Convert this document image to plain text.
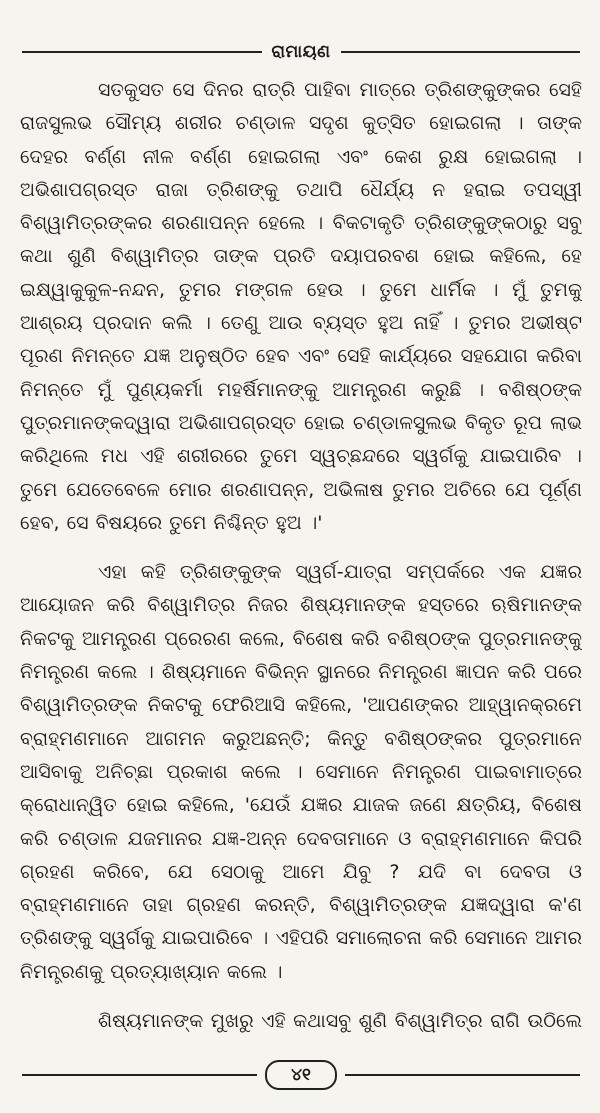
ରାମାୟଣ

ସତକୁସତ ସେ ଦିନର ରାତ୍ରି ପାହିବା ମାତ୍ରେ ତ୍ରିଶଙ୍କୁଙ୍କର ସେହି ରାଜସୁଲଭ ସୌମ୍ୟ ଶରୀର ଚଣ୍ଡାଳ ସଦୃଶ କୁତ୍ସିତ ହୋଇଗଲା । ତାଙ୍କ ଦେହର ବର୍ଣ୍ଣ ନୀଳ ବର୍ଣ୍ଣ ହୋଇଗଲା ଏବଂ କେଶ ରୁକ୍ଷ ହୋଇଗଲା । ଅଭିଶାପଗ୍ରସ୍ତ ରାଜା ତ୍ରିଶଙ୍କୁ ତଥାପି ଧୈର୍ଯ୍ୟ ନ ହରାଇ ତପସ୍ୱୀ ବିଶ୍ୱାମିତ୍ରଙ୍କର ଶରଣାପନ୍ନ ହେଲେ । ବିକଟାକୃତି ତ୍ରିଶଙ୍କୁଙ୍କଠାରୁ ସବୁ କଥା ଶୁଣି ବିଶ୍ୱାମିତ୍ର ତାଙ୍କ ପ୍ରତି ଦୟାପରବଶ ହୋଇ କହିଲେ, ହେ ଇକ୍ଷ୍ୱାକୁକୁଳ-ନନ୍ଦନ, ତୁମର ମଙ୍ଗଳ ହେଉ । ତୁମେ ଧାର୍ମିକ । ମୁଁ ତୁମକୁ ଆଶ୍ରୟ ପ୍ରଦାନ କଲି । ତେଣୁ ଆଉ ବ୍ୟସ୍ତ ହୁଅ ନାହିଁ । ତୁମର ଅଭୀଷ୍ଟ ପୂରଣ ନିମନ୍ତେ ଯଜ୍ଞ ଅନୁଷ୍ଠିତ ହେବ ଏବଂ ସେହି କାର୍ଯ୍ୟରେ ସହଯୋଗ କରିବା ନିମନ୍ତେ ମୁଁ ପୁଣ୍ୟକର୍ମା ମହର୍ଷିମାନଙ୍କୁ ଆମନ୍ତ୍ରଣ କରୁଛି । ବଶିଷ୍ଠଙ୍କ ପୁତ୍ରମାନଙ୍କଦ୍ୱାରା ଅଭିଶାପଗ୍ରସ୍ତ ହୋଇ ଚଣ୍ଡାଳସୁଲଭ ବିକୃତ ରୂପ ଲାଭ କରିଥିଲେ ମଧ ଏହି ଶରୀରରେ ତୁମେ ସ୍ୱଚ୍ଛନ୍ଦରେ ସ୍ୱର୍ଗକୁ ଯାଇପାରିବ । ତୁମେ ଯେତେବେଳେ ମୋର ଶରଣାପନ୍ନ, ଅଭିଳାଷ ତୁମର ଅଚିରେ ଯେ ପୂର୍ଣ୍ଣ ହେବ, ସେ ବିଷୟରେ ତୁମେ ନିଶ୍ଚିନ୍ତ ହୁଅ ।'

ଏହା କହି ତ୍ରିଶଙ୍କୁଙ୍କ ସ୍ୱର୍ଗ-ଯାତ୍ରା ସମ୍ପର୍କରେ ଏକ ଯଜ୍ଞର ଆୟୋଜନ କରି ବିଶ୍ୱାମିତ୍ର ନିଜର ଶିଷ୍ୟମାନଙ୍କ ହସ୍ତରେ ଋଷିମାନଙ୍କ ନିକଟକୁ ଆମନ୍ତ୍ରଣ ପ୍ରେରଣ କଲେ, ବିଶେଷ କରି ବଶିଷ୍ଠଙ୍କ ପୁତ୍ରମାନଙ୍କୁ ନିମନ୍ତ୍ରଣ କଲେ । ଶିଷ୍ୟମାନେ ବିଭିନ୍ନ ସ୍ଥାନରେ ନିମନ୍ତ୍ରଣ ଜ୍ଞାପନ କରି ପରେ ବିଶ୍ୱାମିତ୍ରଙ୍କ ନିକଟକୁ ଫେରିଆସି କହିଲେ, 'ଆପଣଙ୍କର ଆହ୍ୱାନକ୍ରମେ ବ୍ରାହ୍ମଣମାନେ ଆଗମନ କରୁଅଛନ୍ତି; କିନ୍ତୁ ବଶିଷ୍ଠଙ୍କର ପୁତ୍ରମାନେ ଆସିବାକୁ ଅନିଚ୍ଛା ପ୍ରକାଶ କଲେ । ସେମାନେ ନିମନ୍ତ୍ରଣ ପାଇବାମାତ୍ରେ କ୍ରୋଧାନ୍ୱିତ ହୋଇ କହିଲେ, 'ଯେଉଁ ଯଜ୍ଞର ଯାଜକ ଜଣେ କ୍ଷତ୍ରିୟ, ବିଶେଷ କରି ଚଣ୍ଡାଳ ଯଜମାନର ଯଜ୍ଞ-ଅନ୍ନ ଦେବତାମାନେ ଓ ବ୍ରାହ୍ମଣମାନେ କିପରି ଗ୍ରହଣ କରିବେ, ଯେ ସେଠାକୁ ଆମେ ଯିବୁ ? ଯଦି ବା ଦେବତା ଓ ବ୍ରାହ୍ମଣମାନେ ତାହା ଗ୍ରହଣ କରନ୍ତି, ବିଶ୍ୱାମିତ୍ରଙ୍କ ଯଜ୍ଞଦ୍ୱାରା କ'ଣ ତ୍ରିଶଙ୍କୁ ସ୍ୱର୍ଗକୁ ଯାଇପାରିବେ । ଏହିପରି ସମାଲୋଚନା କରି ସେମାନେ ଆମର ନିମନ୍ତ୍ରଣକୁ ପ୍ରତ୍ୟାଖ୍ୟାନ କଲେ ।

ଶିଷ୍ୟମାନଙ୍କ ମୁଖରୁ ଏହି କଥାସବୁ ଶୁଣି ବିଶ୍ୱାମିତ୍ର ରାଗି ଉଠିଲେ

୪୧
